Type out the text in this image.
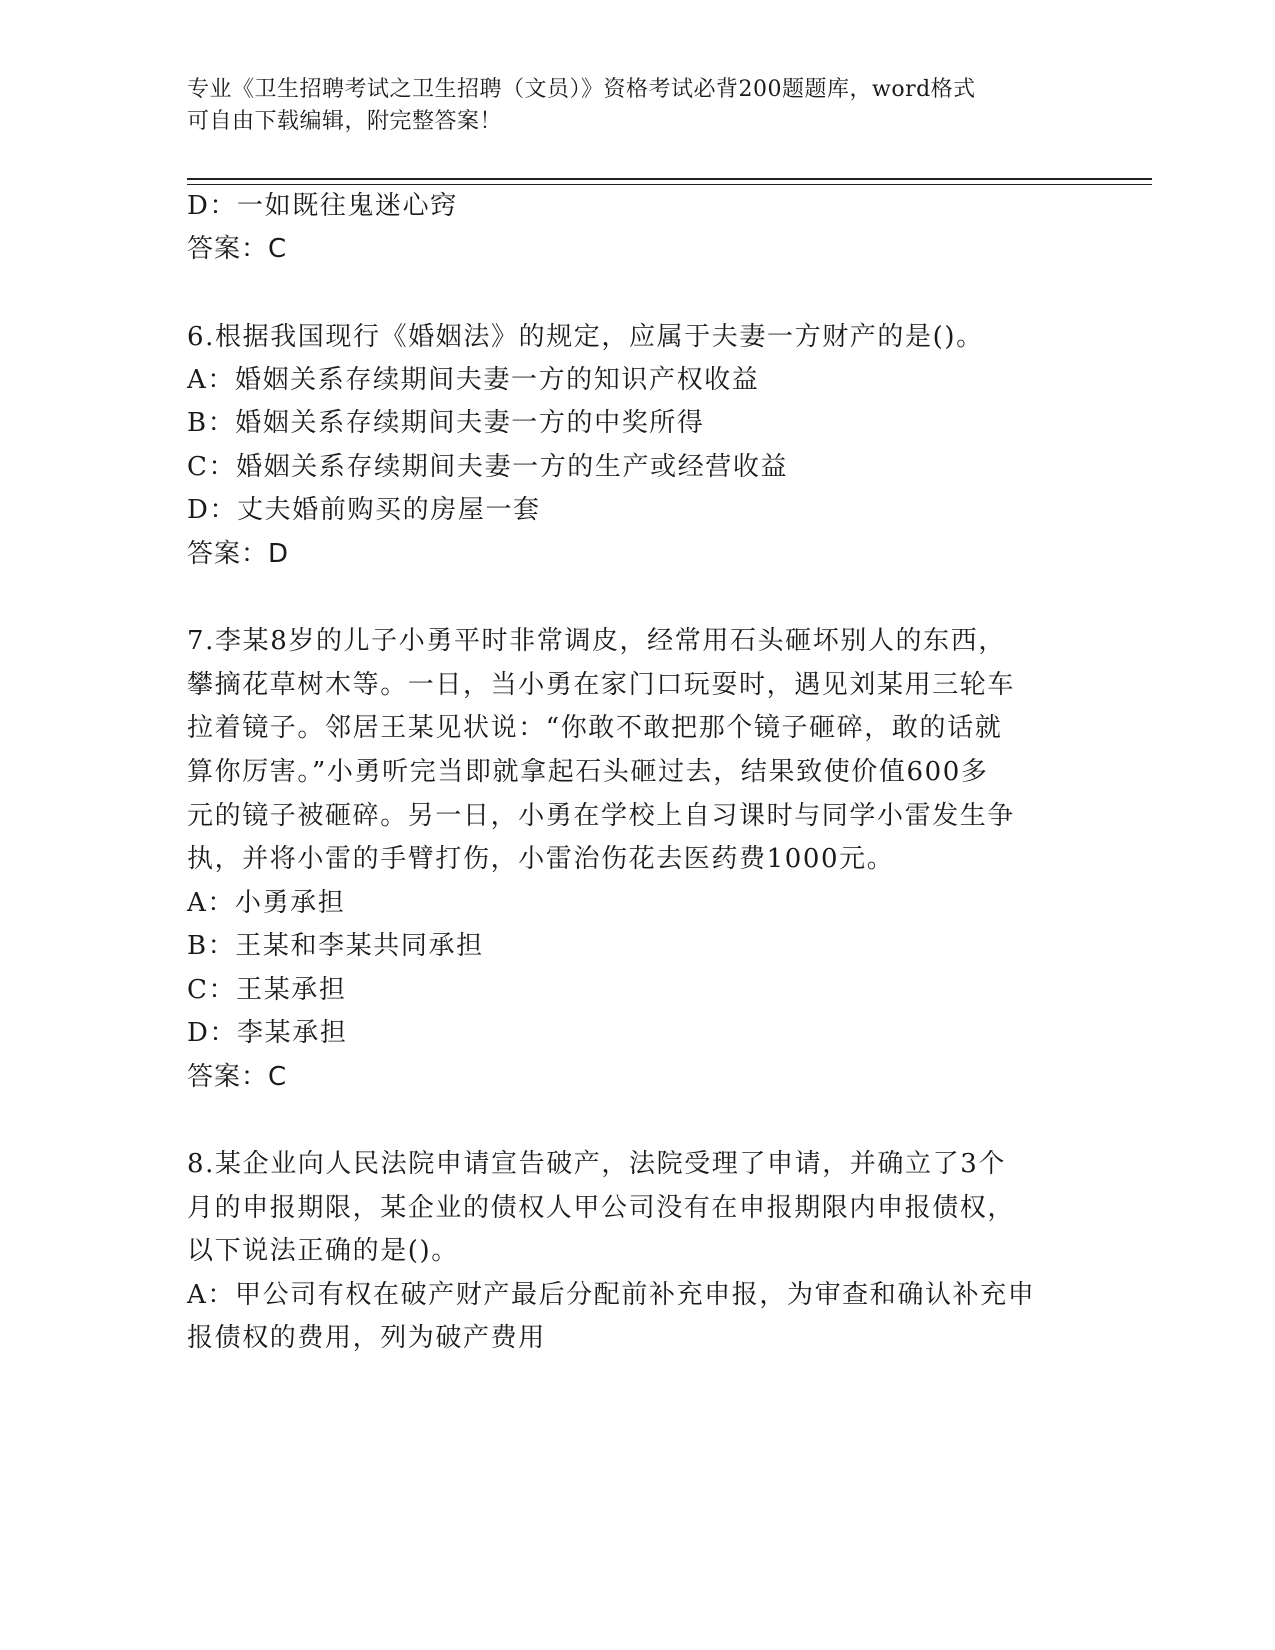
专业《卫生招聘考试之卫生招聘（文员）》资格考试必背200题题库，word格式
可自由下载编辑，附完整答案！
D：一如既往鬼迷心窍
答案：C
6.根据我国现行《婚姻法》的规定，应属于夫妻一方财产的是()。
A：婚姻关系存续期间夫妻一方的知识产权收益
B：婚姻关系存续期间夫妻一方的中奖所得
C：婚姻关系存续期间夫妻一方的生产或经营收益
D：丈夫婚前购买的房屋一套
答案：D
7.李某8岁的儿子小勇平时非常调皮，经常用石头砸坏别人的东西，
攀摘花草树木等。一日，当小勇在家门口玩耍时，遇见刘某用三轮车
拉着镜子。邻居王某见状说：“你敢不敢把那个镜子砸碎，敢的话就
算你厉害。”小勇听完当即就拿起石头砸过去，结果致使价值600多
元的镜子被砸碎。另一日，小勇在学校上自习课时与同学小雷发生争
执，并将小雷的手臂打伤，小雷治伤花去医药费1000元。
A：小勇承担
B：王某和李某共同承担
C：王某承担
D：李某承担
答案：C
8.某企业向人民法院申请宣告破产，法院受理了申请，并确立了3个
月的申报期限，某企业的债权人甲公司没有在申报期限内申报债权，
以下说法正确的是()。
A：甲公司有权在破产财产最后分配前补充申报，为审查和确认补充申
报债权的费用，列为破产费用
